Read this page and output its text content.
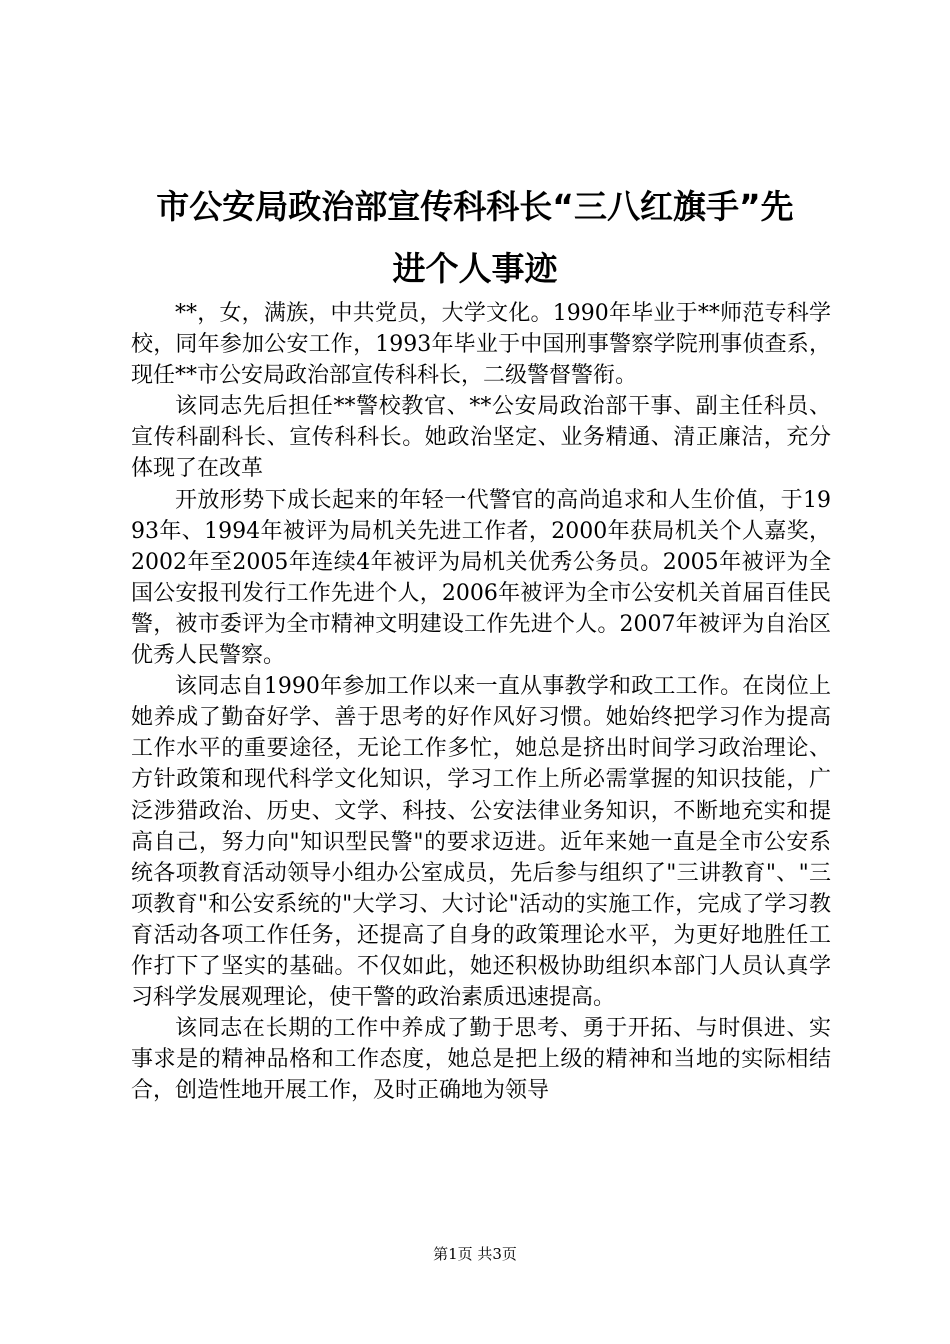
市公安局政治部宣传科科长“三八红旗手”先
进个人事迹

**，女，满族，中共党员，大学文化。1990年毕业于**师范专科学校，同年参加公安工作，1993年毕业于中国刑事警察学院刑事侦查系，现任**市公安局政治部宣传科科长，二级警督警衔。

该同志先后担任**警校教官、**公安局政治部干事、副主任科员、宣传科副科长、宣传科科长。她政治坚定、业务精通、清正廉洁，充分体现了在改革

开放形势下成长起来的年轻一代警官的高尚追求和人生价值，于1993年、1994年被评为局机关先进工作者，2000年获局机关个人嘉奖，2002年至2005年连续4年被评为局机关优秀公务员。2005年被评为全国公安报刊发行工作先进个人，2006年被评为全市公安机关首届百佳民警，被市委评为全市精神文明建设工作先进个人。2007年被评为自治区优秀人民警察。

该同志自1990年参加工作以来一直从事教学和政工工作。在岗位上她养成了勤奋好学、善于思考的好作风好习惯。她始终把学习作为提高工作水平的重要途径，无论工作多忙，她总是挤出时间学习政治理论、方针政策和现代科学文化知识，学习工作上所必需掌握的知识技能，广泛涉猎政治、历史、文学、科技、公安法律业务知识，不断地充实和提高自己，努力向"知识型民警"的要求迈进。近年来她一直是全市公安系统各项教育活动领导小组办公室成员，先后参与组织了"三讲教育"、"三项教育"和公安系统的"大学习、大讨论"活动的实施工作，完成了学习教育活动各项工作任务，还提高了自身的政策理论水平，为更好地胜任工作打下了坚实的基础。不仅如此，她还积极协助组织本部门人员认真学习科学发展观理论，使干警的政治素质迅速提高。

该同志在长期的工作中养成了勤于思考、勇于开拓、与时俱进、实事求是的精神品格和工作态度，她总是把上级的精神和当地的实际相结合，创造性地开展工作，及时正确地为领导

第1页 共3页
